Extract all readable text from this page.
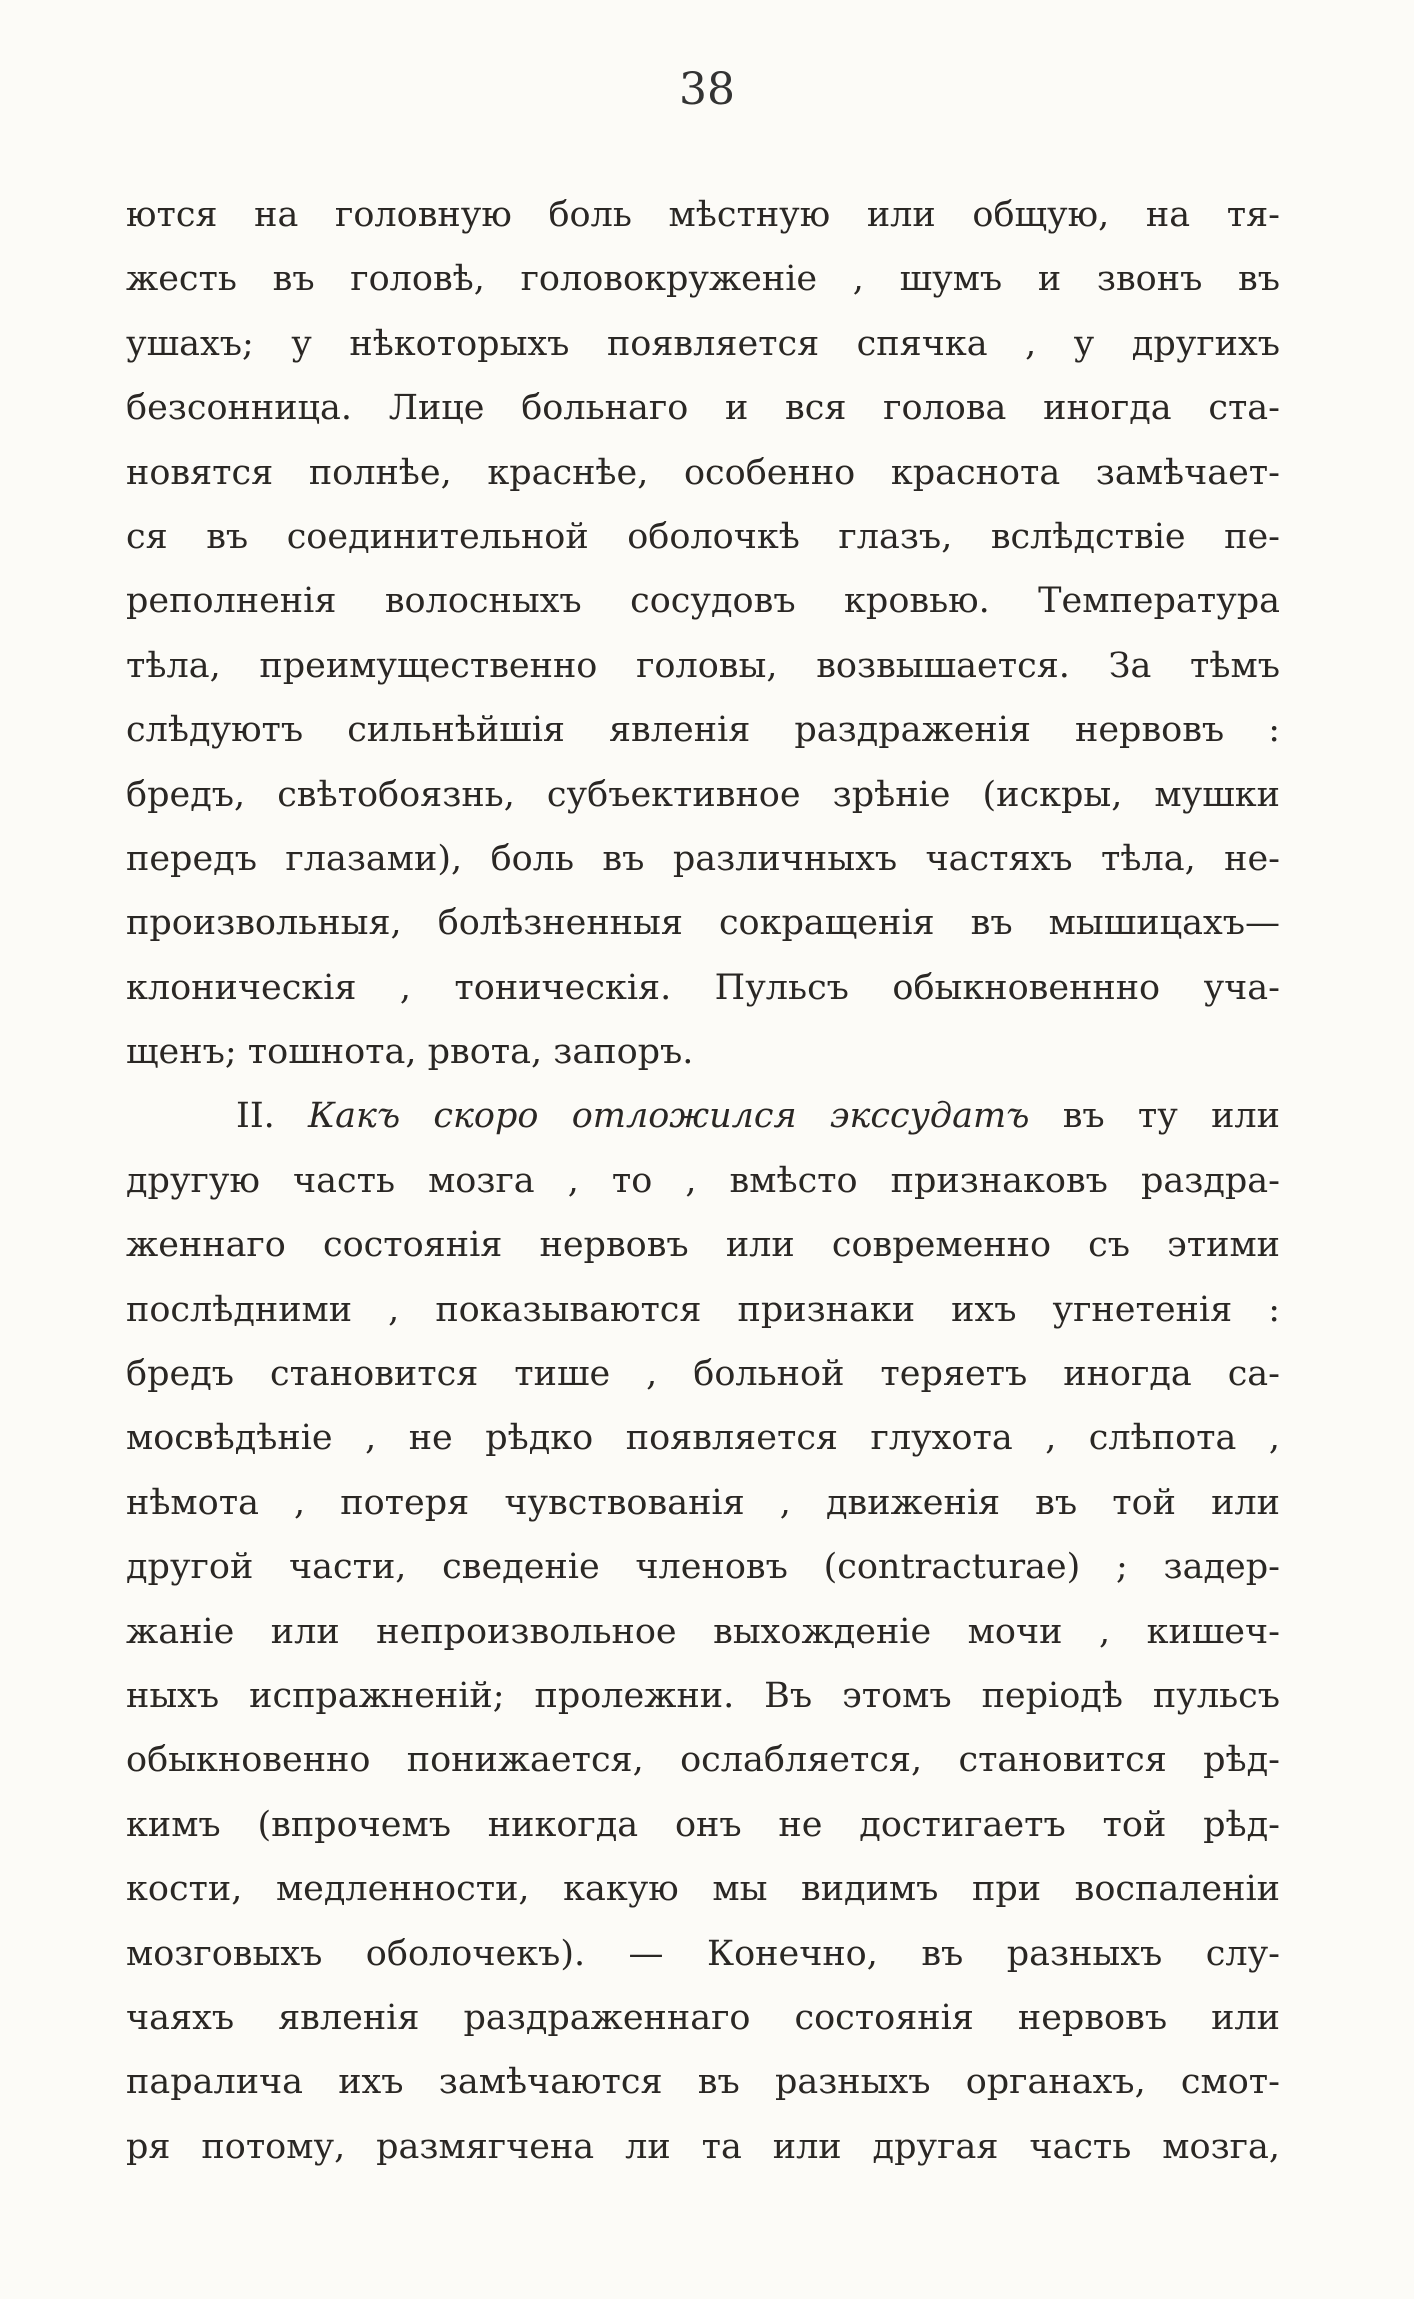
38
ются на головную боль мѣстную или общую, на тя-
жесть въ головѣ, головокруженіе , шумъ и звонъ въ
ушахъ; у нѣкоторыхъ появляется спячка , у другихъ
безсонница. Лице больнаго и вся голова иногда ста-
новятся полнѣе, краснѣе, особенно краснота замѣчает-
ся въ соединительной оболочкѣ глазъ, вслѣдствіе пе-
реполненія волосныхъ сосудовъ кровью. Температура
тѣла, преимущественно головы, возвышается. За тѣмъ
слѣдуютъ сильнѣйшія явленія раздраженія нервовъ :
бредъ, свѣтобоязнь, субъективное зрѣніе (искры, мушки
передъ глазами), боль въ различныхъ частяхъ тѣла, не-
произвольныя, болѣзненныя сокращенія въ мышицахъ—
клоническія , тоническія. Пульсъ обыкновеннно уча-
щенъ; тошнота, рвота, запоръ.
II. Какъ скоро отложился экссудатъ въ ту или
другую часть мозга , то , вмѣсто признаковъ раздра-
женнаго состоянія нервовъ или современно съ этими
послѣдними , показываются признаки ихъ угнетенія :
бредъ становится тише , больной теряетъ иногда са-
мосвѣдѣніе , не рѣдко появляется глухота , слѣпота ,
нѣмота , потеря чувствованія , движенія въ той или
другой части, сведеніе членовъ (contracturae) ; задер-
жаніе или непроизвольное выхожденіе мочи , кишеч-
ныхъ испражненій; пролежни. Въ этомъ періодѣ пульсъ
обыкновенно понижается, ослабляется, становится рѣд-
кимъ (впрочемъ никогда онъ не достигаетъ той рѣд-
кости, медленности, какую мы видимъ при воспаленіи
мозговыхъ оболочекъ). — Конечно, въ разныхъ слу-
чаяхъ явленія раздраженнаго состоянія нервовъ или
паралича ихъ замѣчаются въ разныхъ органахъ, смот-
ря потому, размягчена ли та или другая часть мозга,
